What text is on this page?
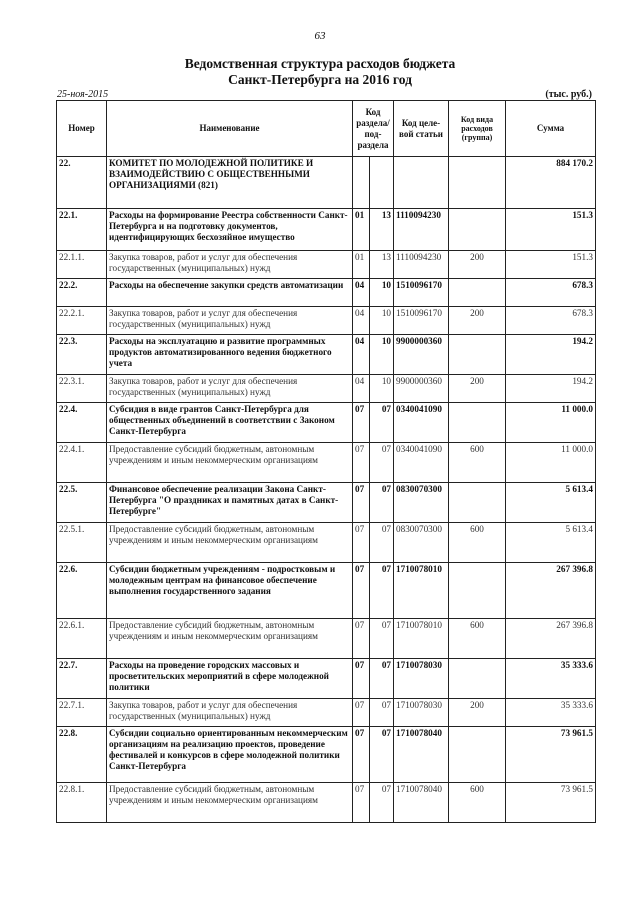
63
Ведомственная структура расходов бюджета
Санкт-Петербурга на 2016 год
25-ноя-2015	(тыс. руб.)
Номер	Наименование	Код раздела/ под-раздела		Код целе-вой статьи	Код вида расходов (группа)	Сумма
22.	КОМИТЕТ ПО МОЛОДЕЖНОЙ ПОЛИТИКЕ И ВЗАИМОДЕЙСТВИЮ С ОБЩЕСТВЕННЫМИ ОРГАНИЗАЦИЯМИ (821)					884 170.2
22.1.	Расходы на формирование Реестра собственности Санкт-Петербурга и на подготовку документов, идентифицирующих бесхозяйное имущество	01	13	1110094230		151.3
22.1.1.	Закупка товаров, работ и услуг для обеспечения государственных (муниципальных) нужд	01	13	1110094230	200	151.3
22.2.	Расходы на обеспечение закупки средств автоматизации	04	10	1510096170		678.3
22.2.1.	Закупка товаров, работ и услуг для обеспечения государственных (муниципальных) нужд	04	10	1510096170	200	678.3
22.3.	Расходы на эксплуатацию и развитие программных продуктов автоматизированного ведения бюджетного учета	04	10	9900000360		194.2
22.3.1.	Закупка товаров, работ и услуг для обеспечения государственных (муниципальных) нужд	04	10	9900000360	200	194.2
22.4.	Субсидия в виде грантов Санкт-Петербурга для общественных объединений в соответствии с Законом Санкт-Петербурга	07	07	0340041090		11 000.0
22.4.1.	Предоставление субсидий бюджетным, автономным учреждениям и иным некоммерческим организациям	07	07	0340041090	600	11 000.0
22.5.	Финансовое обеспечение реализации Закона Санкт-Петербурга "О праздниках и памятных датах в Санкт-Петербурге"	07	07	0830070300		5 613.4
22.5.1.	Предоставление субсидий бюджетным, автономным учреждениям и иным некоммерческим организациям	07	07	0830070300	600	5 613.4
22.6.	Субсидии бюджетным учреждениям - подростковым и молодежным центрам на финансовое обеспечение выполнения государственного задания	07	07	1710078010		267 396.8
22.6.1.	Предоставление субсидий бюджетным, автономным учреждениям и иным некоммерческим организациям	07	07	1710078010	600	267 396.8
22.7.	Расходы на проведение городских массовых и просветительских мероприятий в сфере молодежной политики	07	07	1710078030		35 333.6
22.7.1.	Закупка товаров, работ и услуг для обеспечения государственных (муниципальных) нужд	07	07	1710078030	200	35 333.6
22.8.	Субсидии социально ориентированным некоммерческим организациям на реализацию проектов, проведение фестивалей и конкурсов в сфере молодежной политики Санкт-Петербурга	07	07	1710078040		73 961.5
22.8.1.	Предоставление субсидий бюджетным, автономным учреждениям и иным некоммерческим организациям	07	07	1710078040	600	73 961.5
